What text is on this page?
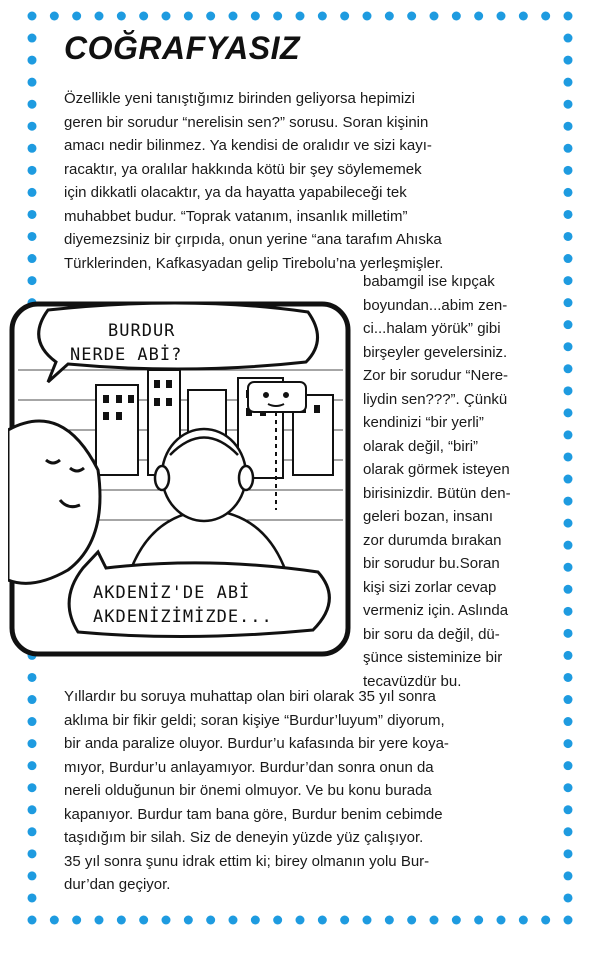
COĞRAFYASIZ
Özellikle yeni tanıştığımız birinden geliyorsa hepimizi
geren bir sorudur “nerelisin sen?” sorusu. Soran kişinin
amacı nedir bilinmez. Ya kendisi de oralıdır ve sizi kayı-
racaktır, ya oralılar hakkında kötü bir şey söylememek
için dikkatli olacaktır, ya da hayatta yapabileceği tek
muhabbet budur. “Toprak vatanım, insanlık milletim”
diyemezsiniz bir çırpıda, onun yerine “ana tarafım Ahıska
Türklerinden, Kafkasyadan gelip Tirebolu’na yerleşmişler.
babamgil ise kıpçak
boyundan...abim zen-
ci...halam yörük” gibi
birşeyler gevelersiniz.
Zor bir sorudur “Nere-
liydin sen???”. Çünkü
kendinizi “bir yerli”
olarak değil, “biri”
olarak görmek isteyen
birisinizdir. Bütün den-
geleri bozan, insanı
zor durumda bırakan
bir sorudur bu.Soran
kişi sizi zorlar cevap
vermeniz için. Aslında
bir soru da değil, dü-
şünce sisteminize bir
tecavüzdür bu.
BURDUR
NERDE ABİ?
AKDENİZ'DE ABİ
AKDENİZİMİZDE...
Yıllardır bu soruya muhattap olan biri olarak 35 yıl sonra
aklıma bir fikir geldi; soran kişiye “Burdur’luyum” diyorum,
bir anda paralize oluyor. Burdur’u kafasında bir yere koya-
mıyor, Burdur’u anlayamıyor. Burdur’dan sonra onun da
nereli olduğunun bir önemi olmuyor. Ve bu konu burada
kapanıyor. Burdur tam bana göre, Burdur benim cebimde
taşıdığım bir silah. Siz de deneyin yüzde yüz çalışıyor.
35 yıl sonra şunu idrak ettim ki; birey olmanın yolu Bur-
dur’dan geçiyor.
